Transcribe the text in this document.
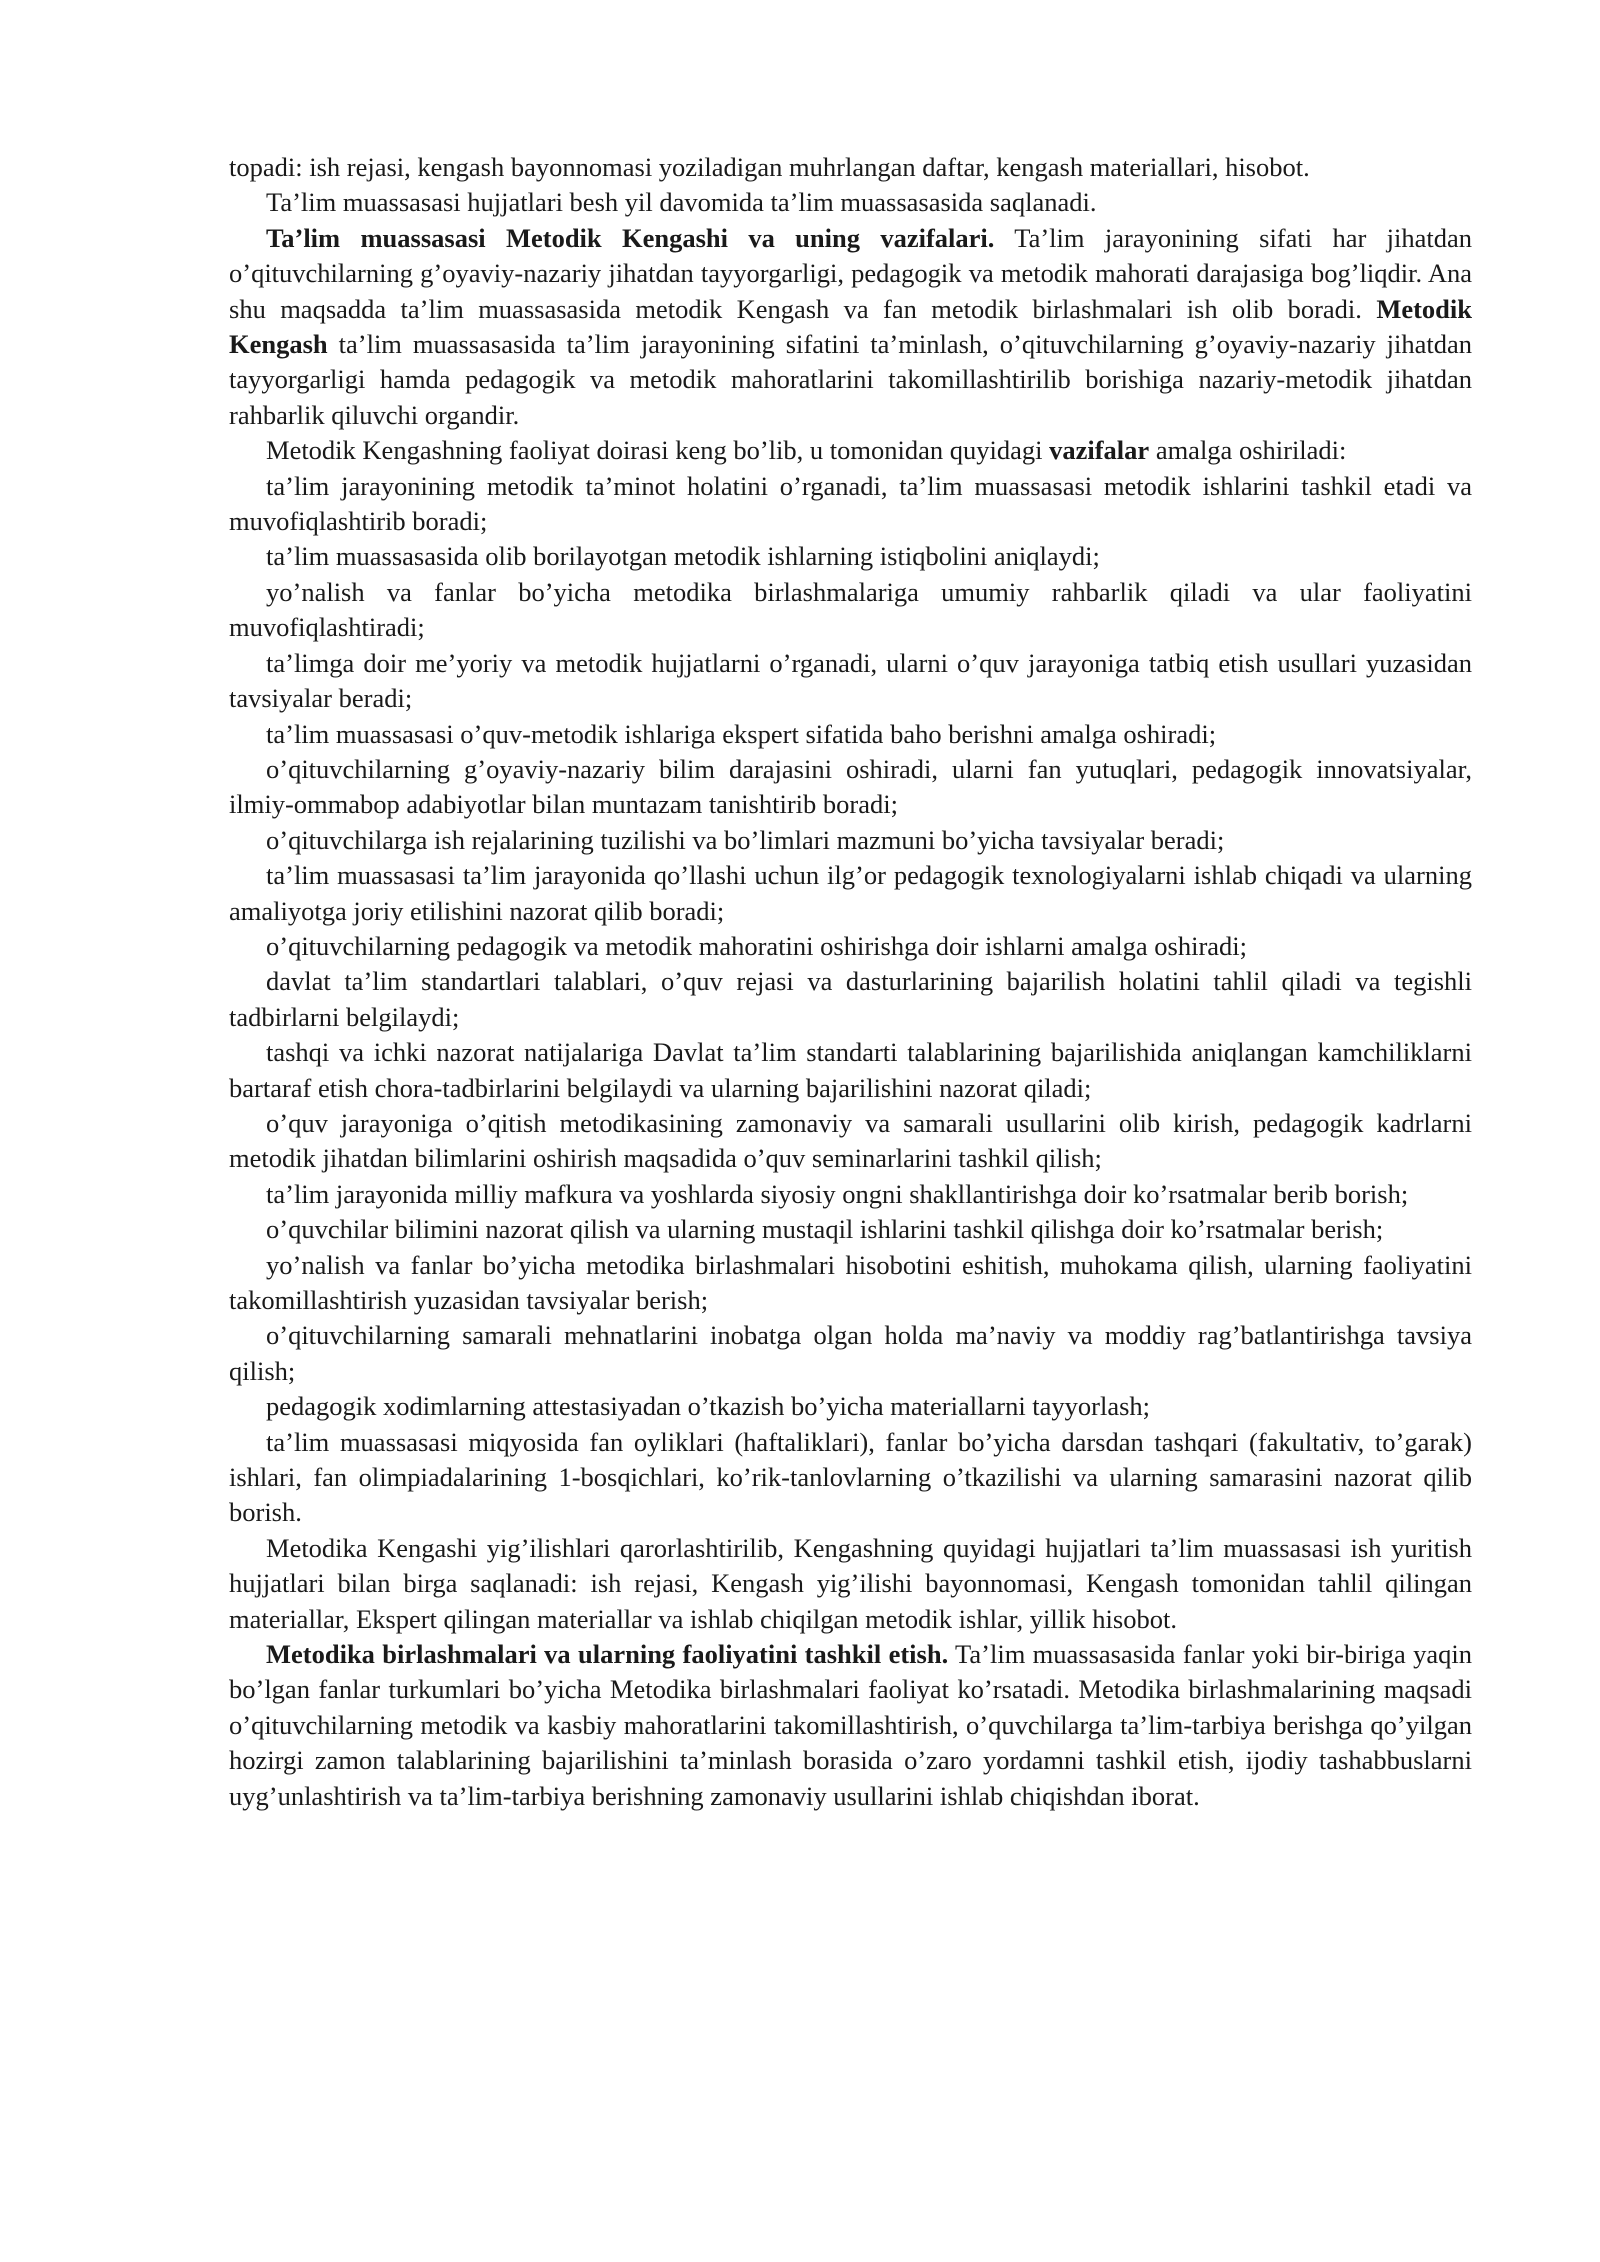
topadi: ish rejasi, kengash bayonnomasi yoziladigan muhrlangan daftar, kengash materiallari, hisobot.

Ta’lim muassasasi hujjatlari besh yil davomida ta’lim muassasasida saqlanadi.

Ta’lim muassasasi Metodik Kengashi va uning vazifalari. Ta’lim jarayonining sifati har jihatdan o’qituvchilarning g’oyaviy-nazariy jihatdan tayyorgarligi, pedagogik va metodik mahorati darajasiga bog’liqdir. Ana shu maqsadda ta’lim muassasasida metodik Kengash va fan metodik birlashmalari ish olib boradi. Metodik Kengash ta’lim muassasasida ta’lim jarayonining sifatini ta’minlash, o’qituvchilarning g’oyaviy-nazariy jihatdan tayyorgarligi hamda pedagogik va metodik mahoratlarini takomillashtirilib borishiga nazariy-metodik jihatdan rahbarlik qiluvchi organdir.

Metodik Kengashning faoliyat doirasi keng bo’lib, u tomonidan quyidagi vazifalar amalga oshiriladi:

ta’lim jarayonining metodik ta’minot holatini o’rganadi, ta’lim muassasasi metodik ishlarini tashkil etadi va muvofiqlashtirib boradi;

ta’lim muassasasida olib borilayotgan metodik ishlarning istiqbolini aniqlaydi;

yo’nalish va fanlar bo’yicha metodika birlashmalariga umumiy rahbarlik qiladi va ular faoliyatini muvofiqlashtiradi;

ta’limga doir me’yoriy va metodik hujjatlarni o’rganadi, ularni o’quv jarayoniga tatbiq etish usullari yuzasidan tavsiyalar beradi;

ta’lim muassasasi o’quv-metodik ishlariga ekspert sifatida baho berishni amalga oshiradi;

o’qituvchilarning g’oyaviy-nazariy bilim darajasini oshiradi, ularni fan yutuqlari, pedagogik innovatsiyalar, ilmiy-ommabop adabiyotlar bilan muntazam tanishtirib boradi;

o’qituvchilarga ish rejalarining tuzilishi va bo’limlari mazmuni bo’yicha tavsiyalar beradi;

ta’lim muassasasi ta’lim jarayonida qo’llashi uchun ilg’or pedagogik texnologiyalarni ishlab chiqadi va ularning amaliyotga joriy etilishini nazorat qilib boradi;

o’qituvchilarning pedagogik va metodik mahoratini oshirishga doir ishlarni amalga oshiradi;

davlat ta’lim standartlari talablari, o’quv rejasi va dasturlarining bajarilish holatini tahlil qiladi va tegishli tadbirlarni belgilaydi;

tashqi va ichki nazorat natijalariga Davlat ta’lim standarti talablarining bajarilishida aniqlangan kamchiliklarni bartaraf etish chora-tadbirlarini belgilaydi va ularning bajarilishini nazorat qiladi;

o’quv jarayoniga o’qitish metodikasining zamonaviy va samarali usullarini olib kirish, pedagogik kadrlarni metodik jihatdan bilimlarini oshirish maqsadida o’quv seminarlarini tashkil qilish;

ta’lim jarayonida milliy mafkura va yoshlarda siyosiy ongni shakllantirishga doir ko’rsatmalar berib borish;

o’quvchilar bilimini nazorat qilish va ularning mustaqil ishlarini tashkil qilishga doir ko’rsatmalar berish;

yo’nalish va fanlar bo’yicha metodika birlashmalari hisobotini eshitish, muhokama qilish, ularning faoliyatini takomillashtirish yuzasidan tavsiyalar berish;

o’qituvchilarning samarali mehnatlarini inobatga olgan holda ma’naviy va moddiy rag’batlantirishga tavsiya qilish;

pedagogik xodimlarning attestasiyadan o’tkazish bo’yicha materiallarni tayyorlash;

ta’lim muassasasi miqyosida fan oyliklari (haftaliklari), fanlar bo’yicha darsdan tashqari (fakultativ, to’garak) ishlari, fan olimpiadalarining 1-bosqichlari, ko’rik-tanlovlarning o’tkazilishi va ularning samarasini nazorat qilib borish.

Metodika Kengashi yig’ilishlari qarorlashtirilib, Kengashning quyidagi hujjatlari ta’lim muassasasi ish yuritish hujjatlari bilan birga saqlanadi: ish rejasi, Kengash yig’ilishi bayonnomasi, Kengash tomonidan tahlil qilingan materiallar, Ekspert qilingan materiallar va ishlab chiqilgan metodik ishlar, yillik hisobot.

Metodika birlashmalari va ularning faoliyatini tashkil etish. Ta’lim muassasasida fanlar yoki bir-biriga yaqin bo’lgan fanlar turkumlari bo’yicha Metodika birlashmalari faoliyat ko’rsatadi. Metodika birlashmalarining maqsadi o’qituvchilarning metodik va kasbiy mahoratlarini takomillashtirish, o’quvchilarga ta’lim-tarbiya berishga qo’yilgan hozirgi zamon talablarining bajarilishini ta’minlash borasida o’zaro yordamni tashkil etish, ijodiy tashabbuslarni uyg’unlashtirish va ta’lim-tarbiya berishning zamonaviy usullarini ishlab chiqishdan iborat.
